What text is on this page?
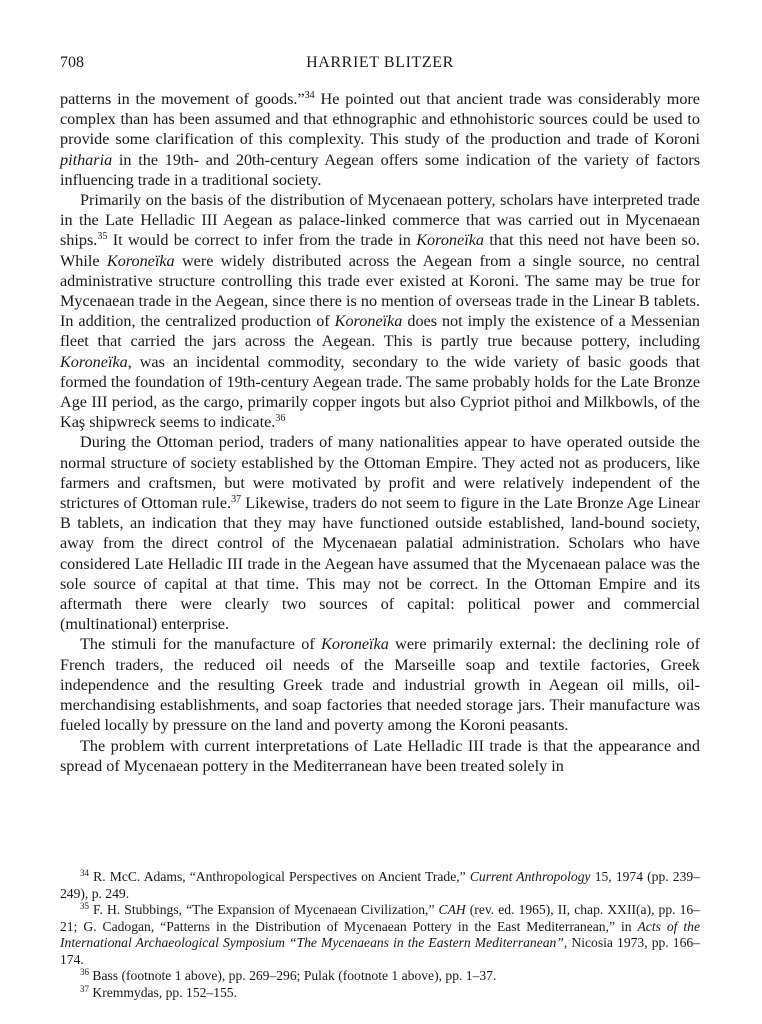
708	HARRIET BLITZER

patterns in the movement of goods.”$^{34}$ He pointed out that ancient trade was considerably more complex than has been assumed and that ethnographic and ethnohistoric sources could be used to provide some clarification of this complexity. This study of the production and trade of Koroni pitharia in the 19th- and 20th-century Aegean offers some indication of the variety of factors influencing trade in a traditional society.

Primarily on the basis of the distribution of Mycenaean pottery, scholars have interpreted trade in the Late Helladic III Aegean as palace-linked commerce that was carried out in Mycenaean ships.$^{35}$ It would be correct to infer from the trade in Koroneïka that this need not have been so. While Koroneïka were widely distributed across the Aegean from a single source, no central administrative structure controlling this trade ever existed at Koroni. The same may be true for Mycenaean trade in the Aegean, since there is no mention of overseas trade in the Linear B tablets. In addition, the centralized production of Koroneïka does not imply the existence of a Messenian fleet that carried the jars across the Aegean. This is partly true because pottery, including Koroneïka, was an incidental commodity, secondary to the wide variety of basic goods that formed the foundation of 19th-century Aegean trade. The same probably holds for the Late Bronze Age III period, as the cargo, primarily copper ingots but also Cypriot pithoi and Milkbowls, of the Kaş shipwreck seems to indicate.$^{36}$

During the Ottoman period, traders of many nationalities appear to have operated outside the normal structure of society established by the Ottoman Empire. They acted not as producers, like farmers and craftsmen, but were motivated by profit and were relatively independent of the strictures of Ottoman rule.$^{37}$ Likewise, traders do not seem to figure in the Late Bronze Age Linear B tablets, an indication that they may have functioned outside established, land-bound society, away from the direct control of the Mycenaean palatial administration. Scholars who have considered Late Helladic III trade in the Aegean have assumed that the Mycenaean palace was the sole source of capital at that time. This may not be correct. In the Ottoman Empire and its aftermath there were clearly two sources of capital: political power and commercial (multinational) enterprise.

The stimuli for the manufacture of Koroneïka were primarily external: the declining role of French traders, the reduced oil needs of the Marseille soap and textile factories, Greek independence and the resulting Greek trade and industrial growth in Aegean oil mills, oil-merchandising establishments, and soap factories that needed storage jars. Their manufacture was fueled locally by pressure on the land and poverty among the Koroni peasants.

The problem with current interpretations of Late Helladic III trade is that the appearance and spread of Mycenaean pottery in the Mediterranean have been treated solely in

$^{34}$ R. McC. Adams, “Anthropological Perspectives on Ancient Trade,” Current Anthropology 15, 1974 (pp. 239–249), p. 249.

$^{35}$ F. H. Stubbings, “The Expansion of Mycenaean Civilization,” CAH (rev. ed. 1965), II, chap. XXII(a), pp. 16–21; G. Cadogan, “Patterns in the Distribution of Mycenaean Pottery in the East Mediterranean,” in Acts of the International Archaeological Symposium “The Mycenaeans in the Eastern Mediterranean”, Nicosia 1973, pp. 166–174.

$^{36}$ Bass (footnote 1 above), pp. 269–296; Pulak (footnote 1 above), pp. 1–37.

$^{37}$ Kremmydas, pp. 152–155.
